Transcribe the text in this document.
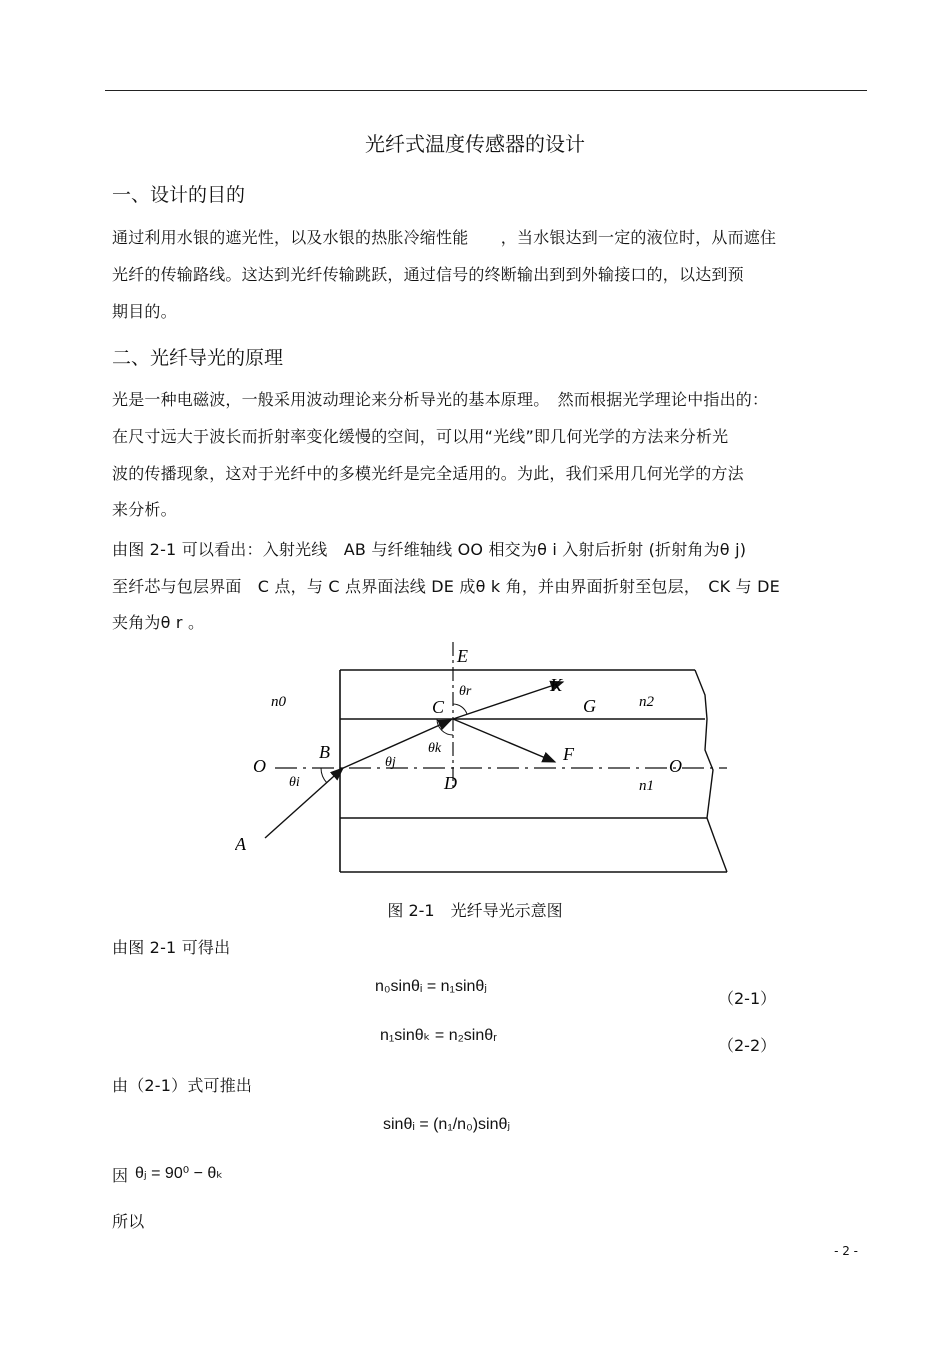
光纤式温度传感器的设计
一、设计的目的
通过利用水银的遮光性，以及水银的热胀冷缩性能　　，当水银达到一定的液位时，从而遮住
光纤的传输路线。这达到光纤传输跳跃，通过信号的终断输出到到外输接口的，以达到预
期目的。
二、光纤导光的原理
光是一种电磁波，一般采用波动理论来分析导光的基本原理。　然而根据光学理论中指出的：
在尺寸远大于波长而折射率变化缓慢的空间，可以用“光线”即几何光学的方法来分析光
波的传播现象，这对于光纤中的多模光纤是完全适用的。为此，我们采用几何光学的方法
来分析。
由图 2-1 可以看出：入射光线　AB 与纤维轴线 OO 相交为θ i 入射后折射 (折射角为θ j)
至纤芯与包层界面　C 点，与 C 点界面法线 DE 成θ k 角，并由界面折射至包层，　CK 与 DE
夹角为θ r 。
E
θr	K
n0	C	G	n2
θk
O
B
θj	F
O
θi	D	n1
A
图 2-1　光纤导光示意图
由图 2-1 可得出
n₀sinθᵢ = n₁sinθⱼ
（2-1）
n₁sinθₖ = n₂sinθᵣ
（2-2）
由（2-1）式可推出
sinθᵢ = (n₁/n₀)sinθⱼ
因 θⱼ = 90⁰ − θₖ
所以
- 2 -
